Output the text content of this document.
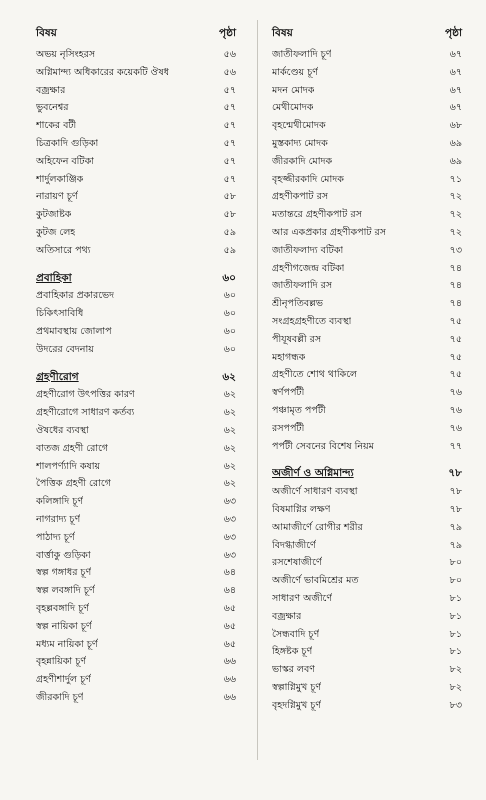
বিষয়	পৃষ্ঠা
অভয় নৃসিংহরস	৫৬
অগ্নিমান্দ্য অধিকারের কয়েকটি ঔষধ	৫৬
বজ্রক্ষার	৫৭
ভুবনেশ্বর	৫৭
শাকের বটী	৫৭
চিত্রকাদি গুড়িকা	৫৭
অহিফেন বটিকা	৫৭
শার্দুলকাঞ্জিক	৫৭
নারায়ণ চূর্ণ	৫৮
কুটজাষ্টক	৫৮
কুটজ লেহ	৫৯
অতিসারে পথ্য	৫৯
প্রবাহিকা	৬০
প্রবাহিকার প্রকারভেদ	৬০
চিকিৎসাবিধি	৬০
প্রথমাবস্থায় জোলাপ	৬০
উদরের বেদনায়	৬০
গ্রহণীরোগ	৬২
গ্রহণীরোগ উৎপত্তির কারণ	৬২
গ্রহণীরোগে সাধারণ কর্তব্য	৬২
ঔষধের ব্যবস্থা	৬২
বাতজ গ্রহণী রোগে	৬২
শালপর্ণ্যাদি কষায়	৬২
পৈত্তিক গ্রহণী রোগে	৬২
কলিঙ্গাদি চূর্ণ	৬৩
নাগরাদ্য চূর্ণ	৬৩
পাঠাদ্য চূর্ণ	৬৩
বার্ত্তাকু গুড়িকা	৬৩
স্বল্প গঙ্গাধর চূর্ণ	৬৪
স্বল্প লবঙ্গাদি চূর্ণ	৬৪
বৃহল্লবঙ্গাদি চূর্ণ	৬৫
স্বল্প নায়িকা চূর্ণ	৬৫
মধ্যম নায়িকা চূর্ণ	৬৫
বৃহন্নায়িকা চূর্ণ	৬৬
গ্রহণীশার্দুল চূর্ণ	৬৬
জীরকাদি চূর্ণ	৬৬
বিষয়	পৃষ্ঠা
জাতীফলাদি চূর্ণ	৬৭
মার্কণ্ডেয় চূর্ণ	৬৭
মদন মোদক	৬৭
মেথীমোদক	৬৭
বৃহন্মেথীমোদক	৬৮
মুস্তকাদ্য মোদক	৬৯
জীরকাদি মোদক	৬৯
বৃহজ্জীরকাদি মোদক	৭১
গ্রহণীকপাট রস	৭২
মতান্তরে গ্রহণীকপাট রস	৭২
আর একপ্রকার গ্রহণীকপাট রস	৭২
জাতীফলাদ্য বটিকা	৭৩
গ্রহণীগজেন্দ্র বটিকা	৭৪
জাতীফলাদি রস	৭৪
শ্রীনৃপতিবল্লভ	৭৪
সংগ্রহগ্রহণীতে ব্যবস্থা	৭৫
পীযূষবল্লী রস	৭৫
মহাগন্ধক	৭৫
গ্রহণীতে শোথ থাকিলে	৭৫
স্বর্ণপর্পটী	৭৬
পঞ্চামৃত পর্পটী	৭৬
রসপর্পটী	৭৬
পর্পটী সেবনের বিশেষ নিয়ম	৭৭
অজীর্ণ ও অগ্নিমান্দ্য	৭৮
অজীর্ণে সাধারণ ব্যবস্থা	৭৮
বিষমাগ্নির লক্ষণ	৭৮
আমাজীর্ণে রোগীর শরীর	৭৯
বিদগ্ধাজীর্ণে	৭৯
রসশেষাজীর্ণে	৮০
অজীর্ণে ভাবমিশ্রের মত	৮০
সাধারণ অজীর্ণে	৮১
বজ্রক্ষার	৮১
সৈন্ধবাদি চূর্ণ	৮১
হিঙ্গষ্টক চূর্ণ	৮১
ভাস্কর লবণ	৮২
স্বল্পাগ্নিমুখ চূর্ণ	৮২
বৃহদগ্নিমুখ চূর্ণ	৮৩
